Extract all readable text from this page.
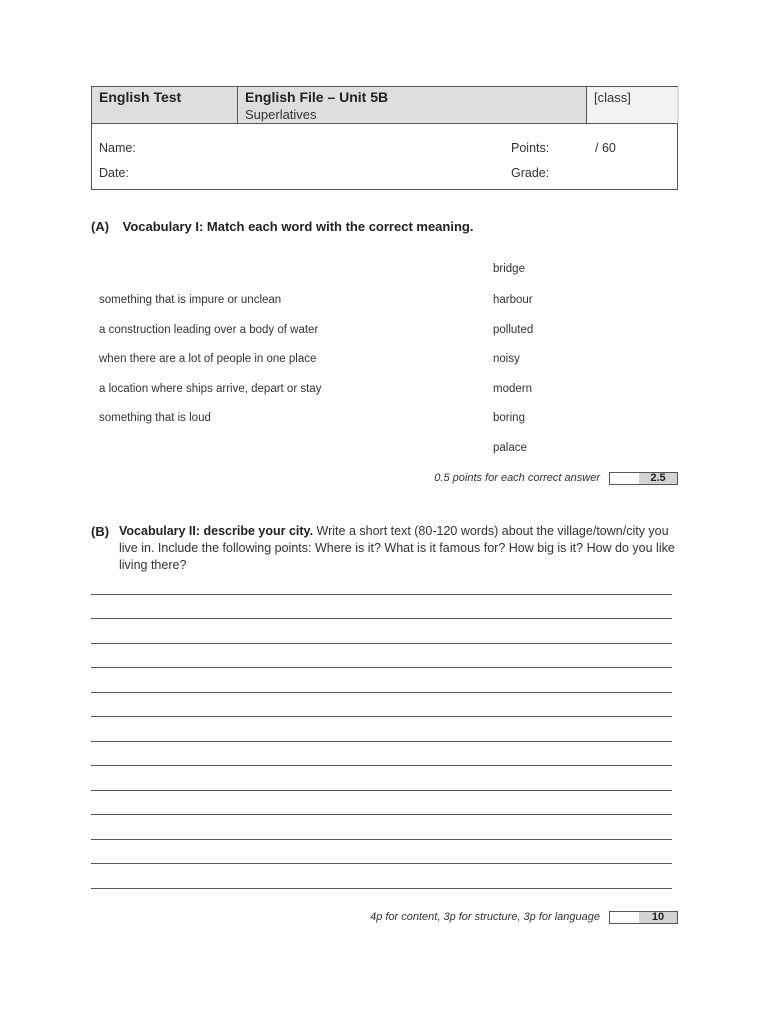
English Test	English File – Unit 5B
Superlatives
[class]
Name:
Date:
Points:	/ 60
Grade:
(A) Vocabulary I: Match each word with the correct meaning.
something that is impure or unclean
a construction leading over a body of water
when there are a lot of people in one place
a location where ships arrive, depart or stay
something that is loud
bridge
harbour
polluted
noisy
modern
boring
palace
0.5 points for each correct answer	2.5
(B) Vocabulary II: describe your city. Write a short text (80-120 words) about the village/town/city you live in. Include the following points: Where is it? What is it famous for? How big is it? How do you like living there?
4p for content, 3p for structure, 3p for language	10
